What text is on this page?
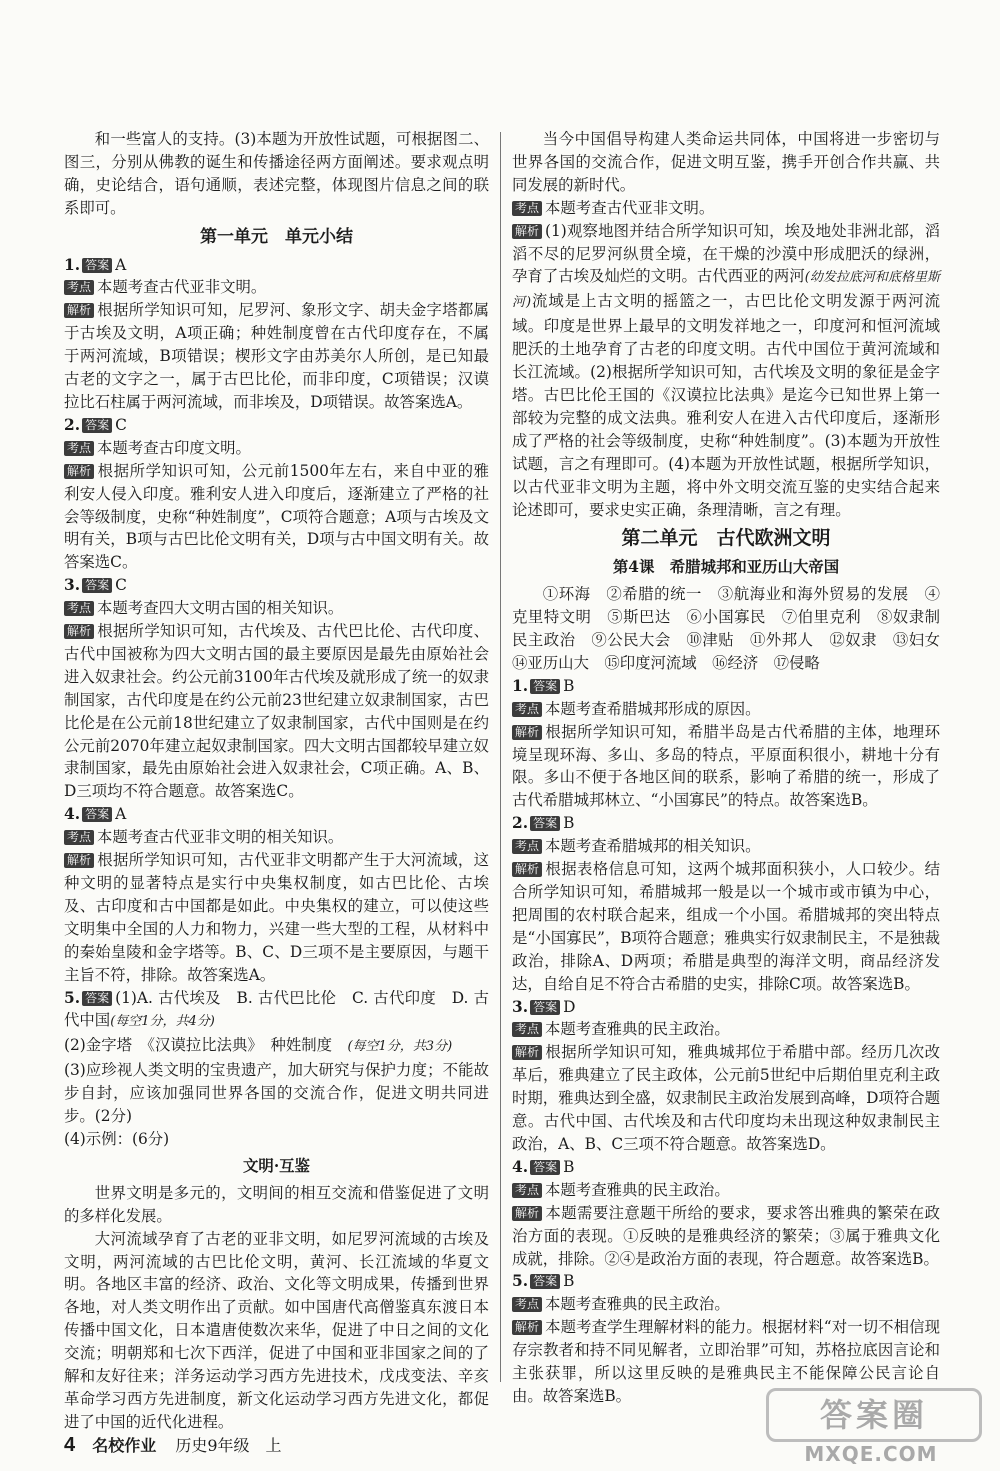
和一些富人的支持。(3)本题为开放性试题，可根据图二、图三，分别从佛教的诞生和传播途径两方面阐述。要求观点明确，史论结合，语句通顺，表述完整，体现图片信息之间的联系即可。

第一单元　单元小结

1. 答案 A

考点 本题考查古代亚非文明。

解析 根据所学知识可知，尼罗河、象形文字、胡夫金字塔都属于古埃及文明，A项正确；种姓制度曾在古代印度存在，不属于两河流域，B项错误；楔形文字由苏美尔人所创，是已知最古老的文字之一，属于古巴比伦，而非印度，C项错误；汉谟拉比石柱属于两河流域，而非埃及，D项错误。故答案选A。

2. 答案 C

考点 本题考查古印度文明。

解析 根据所学知识可知，公元前1500年左右，来自中亚的雅利安人侵入印度。雅利安人进入印度后，逐渐建立了严格的社会等级制度，史称“种姓制度”，C项符合题意；A项与古埃及文明有关，B项与古巴比伦文明有关，D项与古中国文明有关。故答案选C。

3. 答案 C

考点 本题考查四大文明古国的相关知识。

解析 根据所学知识可知，古代埃及、古代巴比伦、古代印度、古代中国被称为四大文明古国的最主要原因是最先由原始社会进入奴隶社会。约公元前3100年古代埃及就形成了统一的奴隶制国家，古代印度是在约公元前23世纪建立奴隶制国家，古巴比伦是在公元前18世纪建立了奴隶制国家，古代中国则是在约公元前2070年建立起奴隶制国家。四大文明古国都较早建立奴隶制国家，最先由原始社会进入奴隶社会，C项正确。A、B、D三项均不符合题意。故答案选C。

4. 答案 A

考点 本题考查古代亚非文明的相关知识。

解析 根据所学知识可知，古代亚非文明都产生于大河流域，这种文明的显著特点是实行中央集权制度，如古巴比伦、古埃及、古印度和古中国都是如此。中央集权的建立，可以使这些文明集中全国的人力和物力，兴建一些大型的工程，从材料中的秦始皇陵和金字塔等。B、C、D三项不是主要原因，与题干主旨不符，排除。故答案选A。

5. 答案 (1)A. 古代埃及　B. 古代巴比伦　C. 古代印度　D. 古代中国(每空1分，共4分)

(2)金字塔　《汉谟拉比法典》　种姓制度　 (每空1分，共3分)

(3)应珍视人类文明的宝贵遗产，加大研究与保护力度；不能故步自封，应该加强同世界各国的交流合作，促进文明共同进步。(2分)

(4)示例：(6分)

文明·互鉴

世界文明是多元的，文明间的相互交流和借鉴促进了文明的多样化发展。

大河流域孕育了古老的亚非文明，如尼罗河流域的古埃及文明，两河流域的古巴比伦文明，黄河、长江流域的华夏文明。各地区丰富的经济、政治、文化等文明成果，传播到世界各地，对人类文明作出了贡献。如中国唐代高僧鉴真东渡日本传播中国文化，日本遣唐使数次来华，促进了中日之间的文化交流；明朝郑和七次下西洋，促进了中国和亚非国家之间的了解和友好往来；洋务运动学习西方先进技术，戊戌变法、辛亥革命学习西方先进制度，新文化运动学习西方先进文化，都促进了中国的近代化进程。

当今中国倡导构建人类命运共同体，中国将进一步密切与世界各国的交流合作，促进文明互鉴，携手开创合作共赢、共同发展的新时代。

考点 本题考查古代亚非文明。

解析 (1)观察地图并结合所学知识可知，埃及地处非洲北部，滔滔不尽的尼罗河纵贯全境，在干燥的沙漠中形成肥沃的绿洲，孕育了古埃及灿烂的文明。古代西亚的两河(幼发拉底河和底格里斯河)流域是上古文明的摇篮之一，古巴比伦文明发源于两河流域。印度是世界上最早的文明发祥地之一，印度河和恒河流域肥沃的土地孕育了古老的印度文明。古代中国位于黄河流域和长江流域。(2)根据所学知识可知，古代埃及文明的象征是金字塔。古巴比伦王国的《汉谟拉比法典》是迄今已知世界上第一部较为完整的成文法典。雅利安人在进入古代印度后，逐渐形成了严格的社会等级制度，史称“种姓制度”。(3)本题为开放性试题，言之有理即可。(4)本题为开放性试题，根据所学知识，以古代亚非文明为主题，将中外文明交流互鉴的史实结合起来论述即可，要求史实正确，条理清晰，言之有理。

第二单元　古代欧洲文明
第4课　希腊城邦和亚历山大帝国

①环海　②希腊的统一　③航海业和海外贸易的发展　④克里特文明　⑤斯巴达　⑥小国寡民　⑦伯里克利　⑧奴隶制民主政治　⑨公民大会　⑩津贴　⑪外邦人　⑫奴隶　⑬妇女　⑭亚历山大　⑮印度河流域　⑯经济　⑰侵略

1. 答案 B

考点 本题考查希腊城邦形成的原因。

解析 根据所学知识可知，希腊半岛是古代希腊的主体，地理环境呈现环海、多山、多岛的特点，平原面积很小，耕地十分有限。多山不便于各地区间的联系，影响了希腊的统一，形成了古代希腊城邦林立、“小国寡民”的特点。故答案选B。

2. 答案 B

考点 本题考查希腊城邦的相关知识。

解析 根据表格信息可知，这两个城邦面积狭小，人口较少。结合所学知识可知，希腊城邦一般是以一个城市或市镇为中心，把周围的农村联合起来，组成一个小国。希腊城邦的突出特点是“小国寡民”，B项符合题意；雅典实行奴隶制民主，不是独裁政治，排除A、D两项；希腊是典型的海洋文明，商品经济发达，自给自足不符合古希腊的史实，排除C项。故答案选B。

3. 答案 D

考点 本题考查雅典的民主政治。

解析 根据所学知识可知，雅典城邦位于希腊中部。经历几次改革后，雅典建立了民主政体，公元前5世纪中后期伯里克利主政时期，雅典达到全盛，奴隶制民主政治发展到高峰，D项符合题意。古代中国、古代埃及和古代印度均未出现这种奴隶制民主政治，A、B、C三项不符合题意。故答案选D。

4. 答案 B

考点 本题考查雅典的民主政治。

解析 本题需要注意题干所给的要求，要求答出雅典的繁荣在政治方面的表现。①反映的是雅典经济的繁荣；③属于雅典文化成就，排除。②④是政治方面的表现，符合题意。故答案选B。

5. 答案 B

考点 本题考查雅典的民主政治。

解析 本题考查学生理解材料的能力。根据材料“对一切不相信现存宗教者和持不同见解者，立即治罪”可知，苏格拉底因言论和主张获罪，所以这里反映的是雅典民主不能保障公民言论自由。故答案选B。

4 名校作业 历史9年级　上
答案圈
MXQE.COM
